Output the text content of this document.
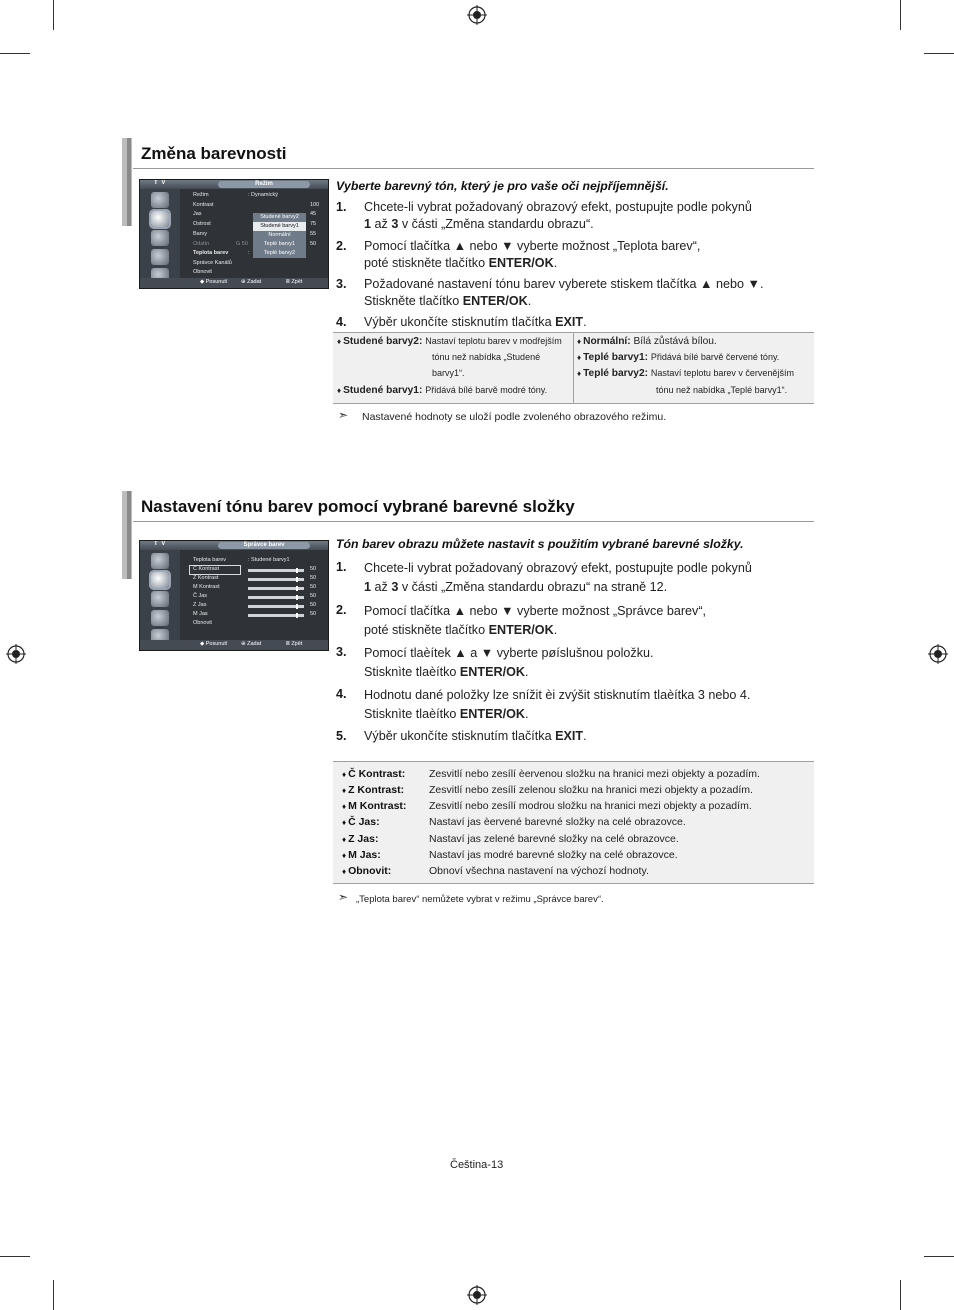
Změna barevnosti
T V	Režim
Režim	: Dynamický
Kontrast	100
Jas	45
Ostrost	75
Barvy	55
Odstín	G 50	50
Teplota barev	:
Správce Kanálů
Obnovit
Studené barvy2
Studené barvy1
Normální
Teplé barvy1
Teplé barvy2
◆ Posunutí ⊕ Zadat	Ⅲ Zpět
Vyberte barevný tón, který je pro vaše oči nejpříjemnější.
1. Chcete-li vybrat požadovaný obrazový efekt, postupujte podle pokynů
1 až 3 v části „Změna standardu obrazu“.
2. Pomocí tlačítka ▲ nebo ▼ vyberte možnost „Teplota barev“,
poté stiskněte tlačítko ENTER/OK.
3. Požadované nastavení tónu barev vyberete stiskem tlačítka ▲ nebo ▼.
Stiskněte tlačítko ENTER/OK.
4. Výběr ukončíte stisknutím tlačítka EXIT.
♦ Studené barvy2: Nastaví teplotu barev v modřejším
tónu než nabídka „Studené
barvy1“.
♦ Studené barvy1: Přidává bílé barvě modré tóny.
♦ Normální: Bílá zůstává bílou.
♦ Teplé barvy1: Přidává bílé barvě červené tóny.
♦ Teplé barvy2: Nastaví teplotu barev v červenějším
tónu než nabídka „Teplé barvy1“.
➣ Nastavené hodnoty se uloží podle zvoleného obrazového režimu.
Nastavení tónu barev pomocí vybrané barevné složky
T V	Správce barev
Teplota barev	: Studené barvy1
Č Kontrast	50
Z Kontrast	50
M Kontrast	50
Č Jas	50
Z Jas	50
M Jas	50
Obnovit
◆ Posunutí ⊕ Zadat	Ⅲ Zpět
Tón barev obrazu můžete nastavit s použitím vybrané barevné složky.
1. Chcete-li vybrat požadovaný obrazový efekt, postupujte podle pokynů
1 až 3 v části „Změna standardu obrazu“ na straně 12.
2. Pomocí tlačítka ▲ nebo ▼ vyberte možnost „Správce barev“,
poté stiskněte tlačítko ENTER/OK.
3. Pomocí tlaèítek ▲ a ▼ vyberte pøíslušnou položku.
Stisknìte tlaèítko ENTER/OK.
4. Hodnotu dané položky lze snížit èi zvýšit stisknutím tlaèítka 3 nebo 4.
Stisknìte tlaèítko ENTER/OK.
5. Výběr ukončíte stisknutím tlačítka EXIT.
♦ Č Kontrast: Zesvitlí nebo zesílí èervenou složku na hranici mezi objekty a pozadím.
♦ Z Kontrast: Zesvitlí nebo zesílí zelenou složku na hranici mezi objekty a pozadím.
♦ M Kontrast: Zesvitlí nebo zesílí modrou složku na hranici mezi objekty a pozadím.
♦ Č Jas:	Nastaví jas èervené barevné složky na celé obrazovce.
♦ Z Jas:	Nastaví jas zelené barevné složky na celé obrazovce.
♦ M Jas:	Nastaví jas modré barevné složky na celé obrazovce.
♦ Obnovit:	Obnoví všechna nastavení na výchozí hodnoty.
➣ „Teplota barev“ nemůžete vybrat v režimu „Správce barev“.
Čeština-13
